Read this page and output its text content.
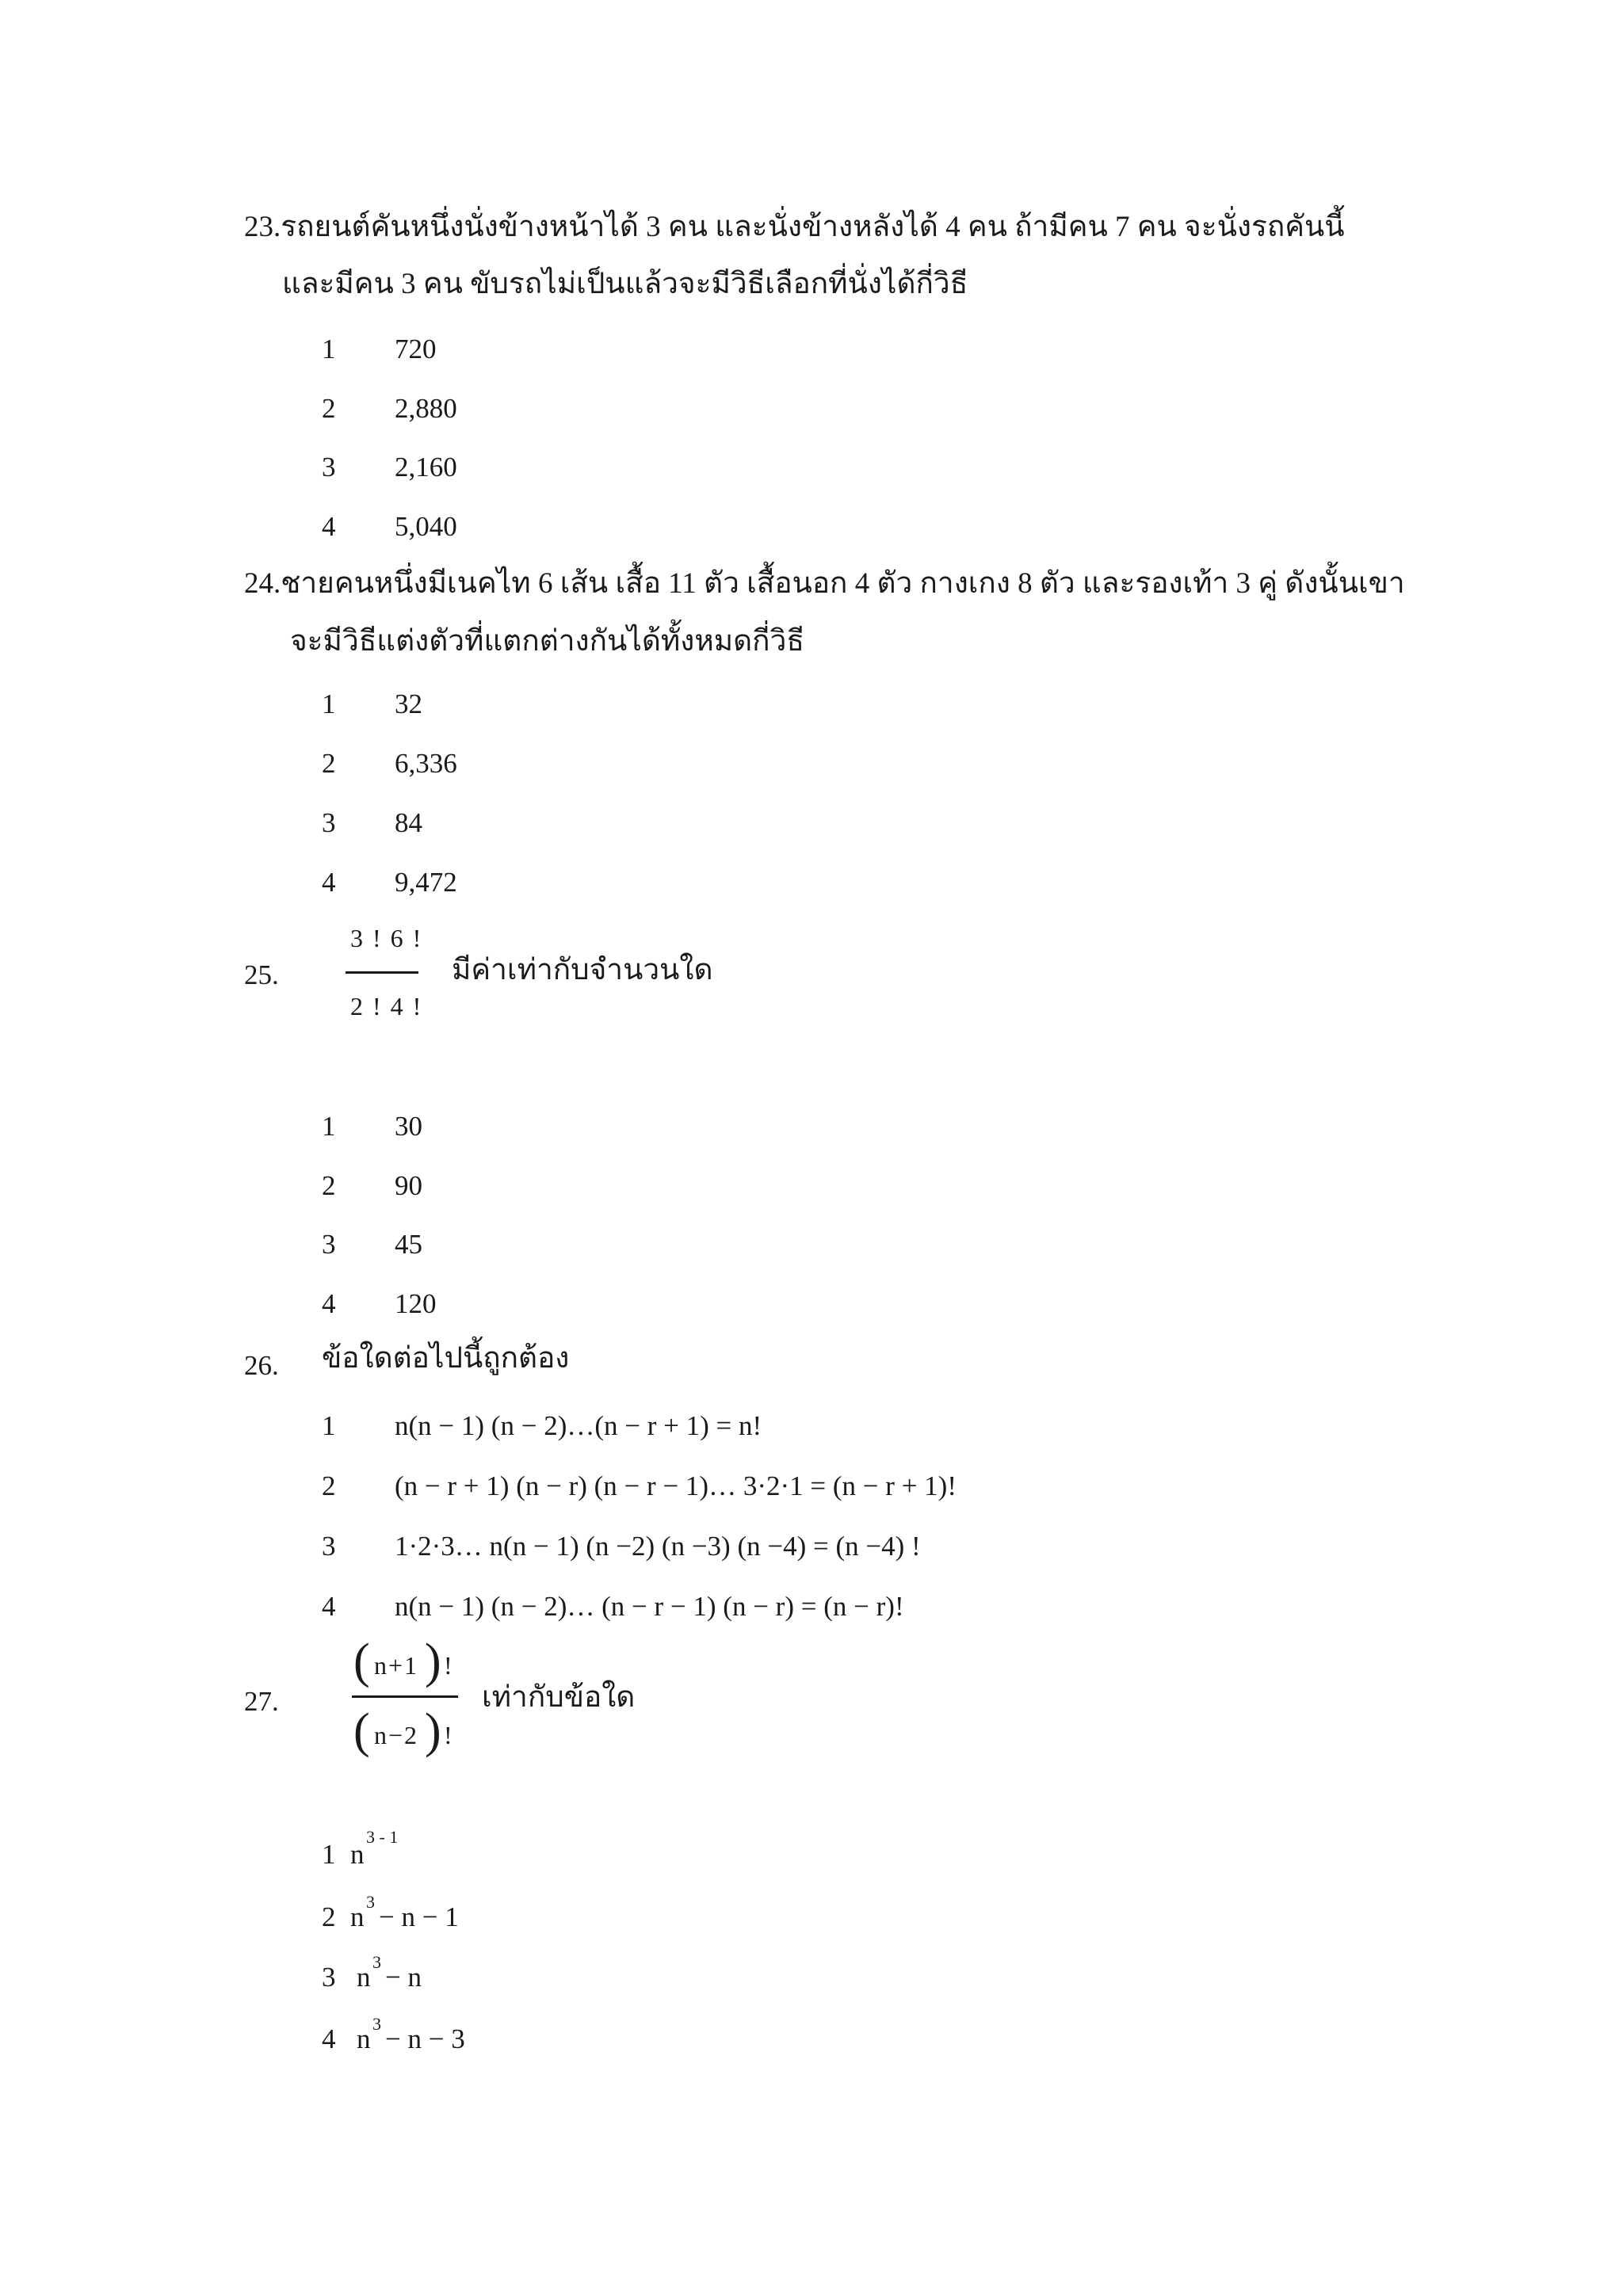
23.รถยนต์คันหนึ่งนั่งข้างหน้าได้ 3 คน และนั่งข้างหลังได้ 4 คน ถ้ามีคน 7 คน จะนั่งรถคันนี้
และมีคน 3 คน ขับรถไม่เป็นแล้วจะมีวิธีเลือกที่นั่งได้กี่วิธี
1 720
2 2,880
3 2,160
4 5,040
24.ชายคนหนึ่งมีเนคไท 6 เส้น เสื้อ 11 ตัว เสื้อนอก 4 ตัว กางเกง 8 ตัว และรองเท้า 3 คู่ ดังนั้นเขา
จะมีวิธีแต่งตัวที่แตกต่างกันได้ทั้งหมดกี่วิธี
1 32
2 6,336
3 84
4 9,472
25.
3 ! 6 !
2 ! 4 !
มีค่าเท่ากับจำนวนใด
1 30
2 90
3 45
4 120
26. ข้อใดต่อไปนี้ถูกต้อง
1 n(n − 1) (n − 2)…(n − r + 1) = n!
2 (n − r + 1) (n − r) (n − r − 1)… 3·2·1 = (n − r + 1)!
3 1·2·3… n(n − 1) (n −2) (n −3) (n −4) = (n −4) !
4 n(n − 1) (n − 2)… (n − r − 1) (n − r) = (n − r)!
27.
( n+1 ) !
( n−2 ) !
เท่ากับข้อใด
1 n
3 - 1
2 n 3 − n − 1
3 n 3 − n
4 n 3 − n − 3
